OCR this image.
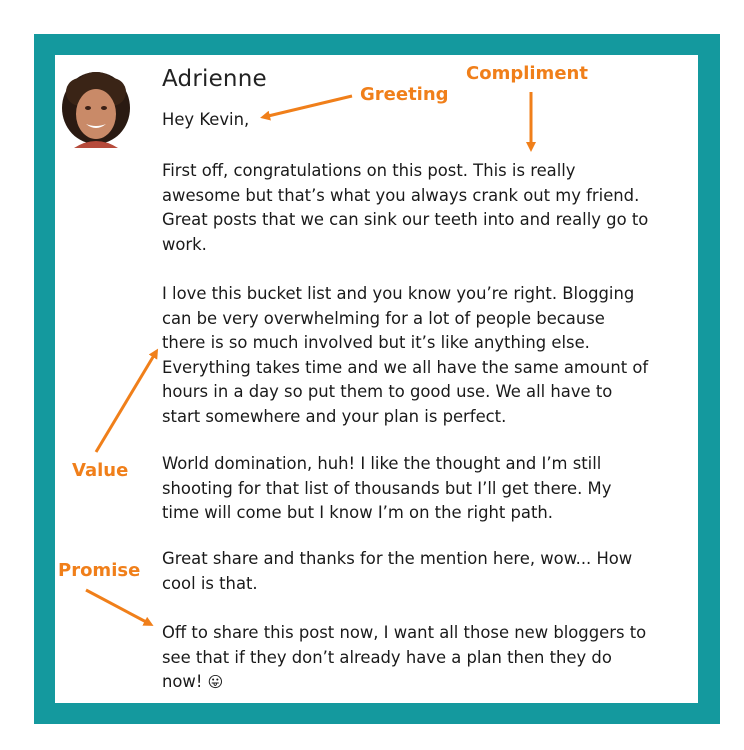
Adrienne

Hey Kevin,

First off, congratulations on this post. This is really awesome but that’s what you always crank out my friend. Great posts that we can sink our teeth into and really go to work.

I love this bucket list and you know you’re right. Blogging can be very overwhelming for a lot of people because there is so much involved but it’s like anything else. Everything takes time and we all have the same amount of hours in a day so put them to good use. We all have to start somewhere and your plan is perfect.

World domination, huh! I like the thought and I’m still shooting for that list of thousands but I’ll get there. My time will come but I know I’m on the right path.

Great share and thanks for the mention here, wow... How cool is that.

Off to share this post now, I want all those new bloggers to see that if they don’t already have a plan then they do now! 😛
Greeting
Compliment
Value
Promise
